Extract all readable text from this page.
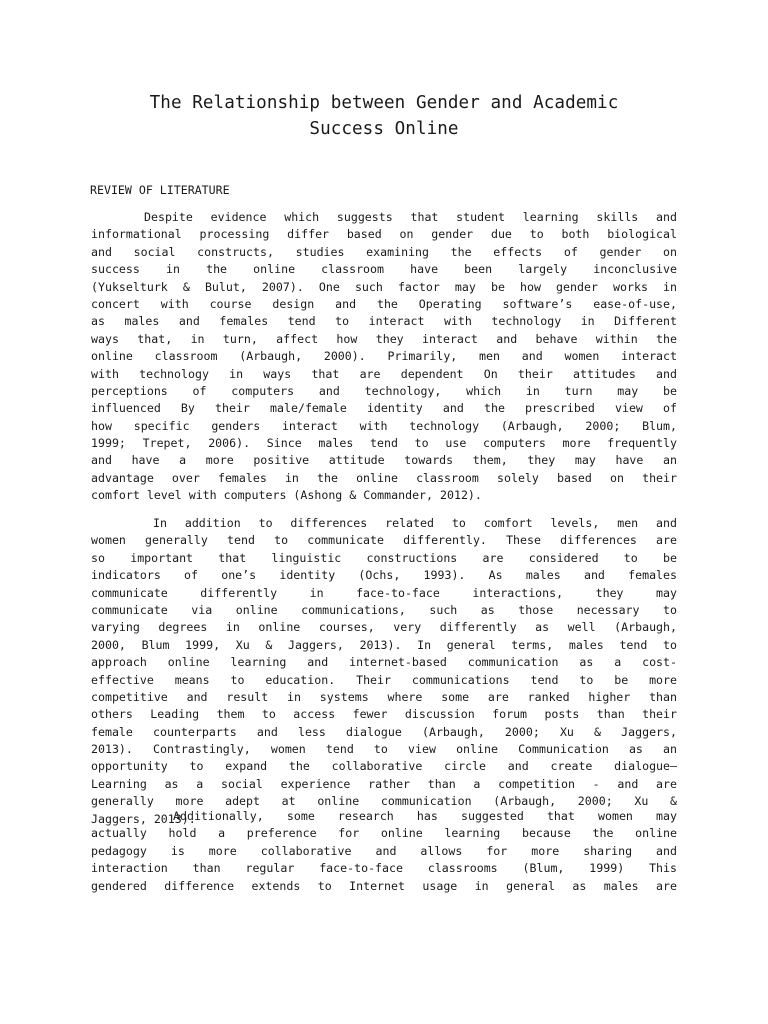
The Relationship between Gender and Academic
Success Online
REVIEW OF LITERATURE
Despite evidence which suggests that student learning skills and
informational processing differ based on gender due to both biological
and social constructs, studies examining the effects of gender on
success in the online classroom have been largely inconclusive
(Yukselturk & Bulut, 2007). One such factor may be how gender works in
concert with course design and the Operating software’s ease-of-use,
as males and females tend to interact with technology in Different
ways that, in turn, affect how they interact and behave within the
online classroom (Arbaugh, 2000). Primarily, men and women interact
with technology in ways that are dependent On their attitudes and
perceptions of computers and technology, which in turn may be
influenced By their male/female identity and the prescribed view of
how specific genders interact with technology (Arbaugh, 2000; Blum,
1999; Trepet, 2006). Since males tend to use computers more frequently
and have a more positive attitude towards them, they may have an
advantage over females in the online classroom solely based on their
comfort level with computers (Ashong & Commander, 2012).
In addition to differences related to comfort levels, men and
women generally tend to communicate differently. These differences are
so important that linguistic constructions are considered to be
indicators of one’s identity (Ochs, 1993). As males and females
communicate differently in face-to-face interactions, they may
communicate via online communications, such as those necessary to
varying degrees in online courses, very differently as well (Arbaugh,
2000, Blum 1999, Xu & Jaggers, 2013). In general terms, males tend to
approach online learning and internet-based communication as a cost-
effective means to education. Their communications tend to be more
competitive and result in systems where some are ranked higher than
others Leading them to access fewer discussion forum posts than their
female counterparts and less dialogue (Arbaugh, 2000; Xu & Jaggers,
2013). Contrastingly, women tend to view online Communication as an
opportunity to expand the collaborative circle and create dialogue—
Learning as a social experience rather than a competition - and are
generally more adept at online communication (Arbaugh, 2000; Xu &
Jaggers, 2013).
Additionally, some research has suggested that women may
actually hold a preference for online learning because the online
pedagogy is more collaborative and allows for more sharing and
interaction than regular face-to-face classrooms (Blum, 1999) This
gendered difference extends to Internet usage in general as males are
